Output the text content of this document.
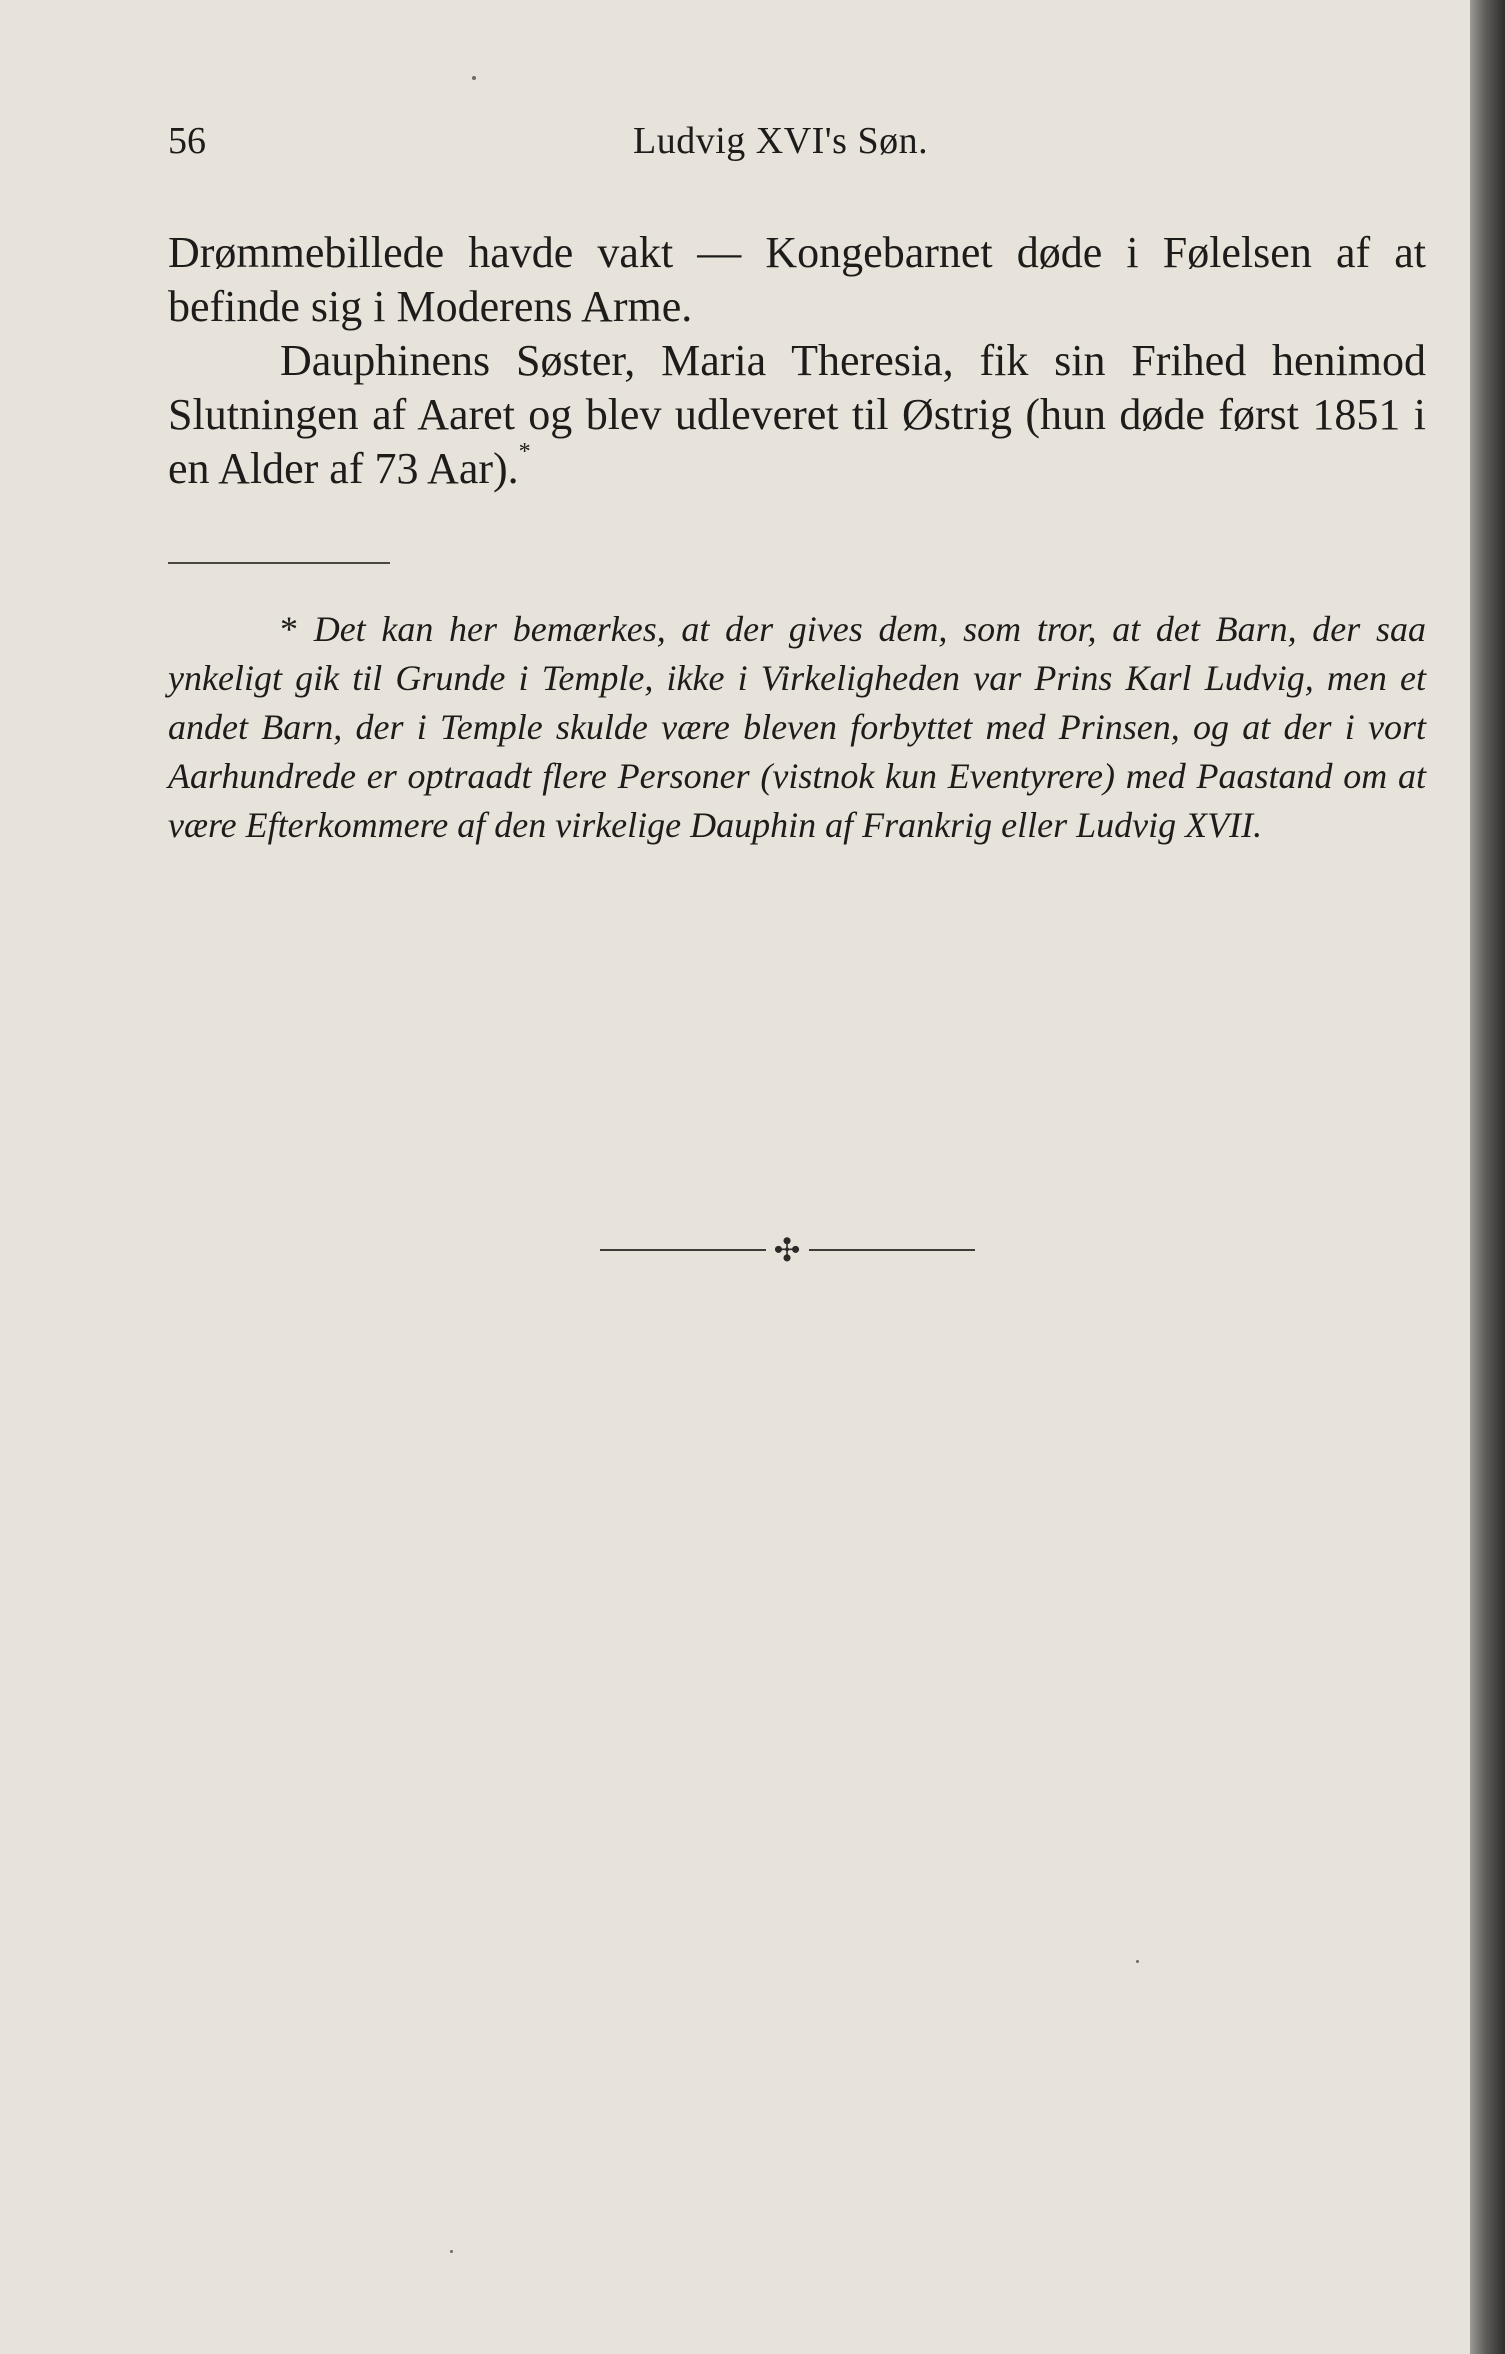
56	Ludvig XVI's Søn.

Drømmebillede havde vakt — Kongebarnet døde i Følelsen af at befinde sig i Moderens Arme.

Dauphinens Søster, Maria Theresia, fik sin Frihed henimod Slutningen af Aaret og blev udleveret til Østrig (hun døde først 1851 i en Alder af 73 Aar).*

* Det kan her bemærkes, at der gives dem, som tror, at det Barn, der saa ynkeligt gik til Grunde i Temple, ikke i Virkeligheden var Prins Karl Ludvig, men et andet Barn, der i Temple skulde være bleven forbyttet med Prinsen, og at der i vort Aarhundrede er optraadt flere Personer (vistnok kun Eventyrere) med Paastand om at være Efterkommere af den virkelige Dauphin af Frankrig eller Ludvig XVII.

✣
